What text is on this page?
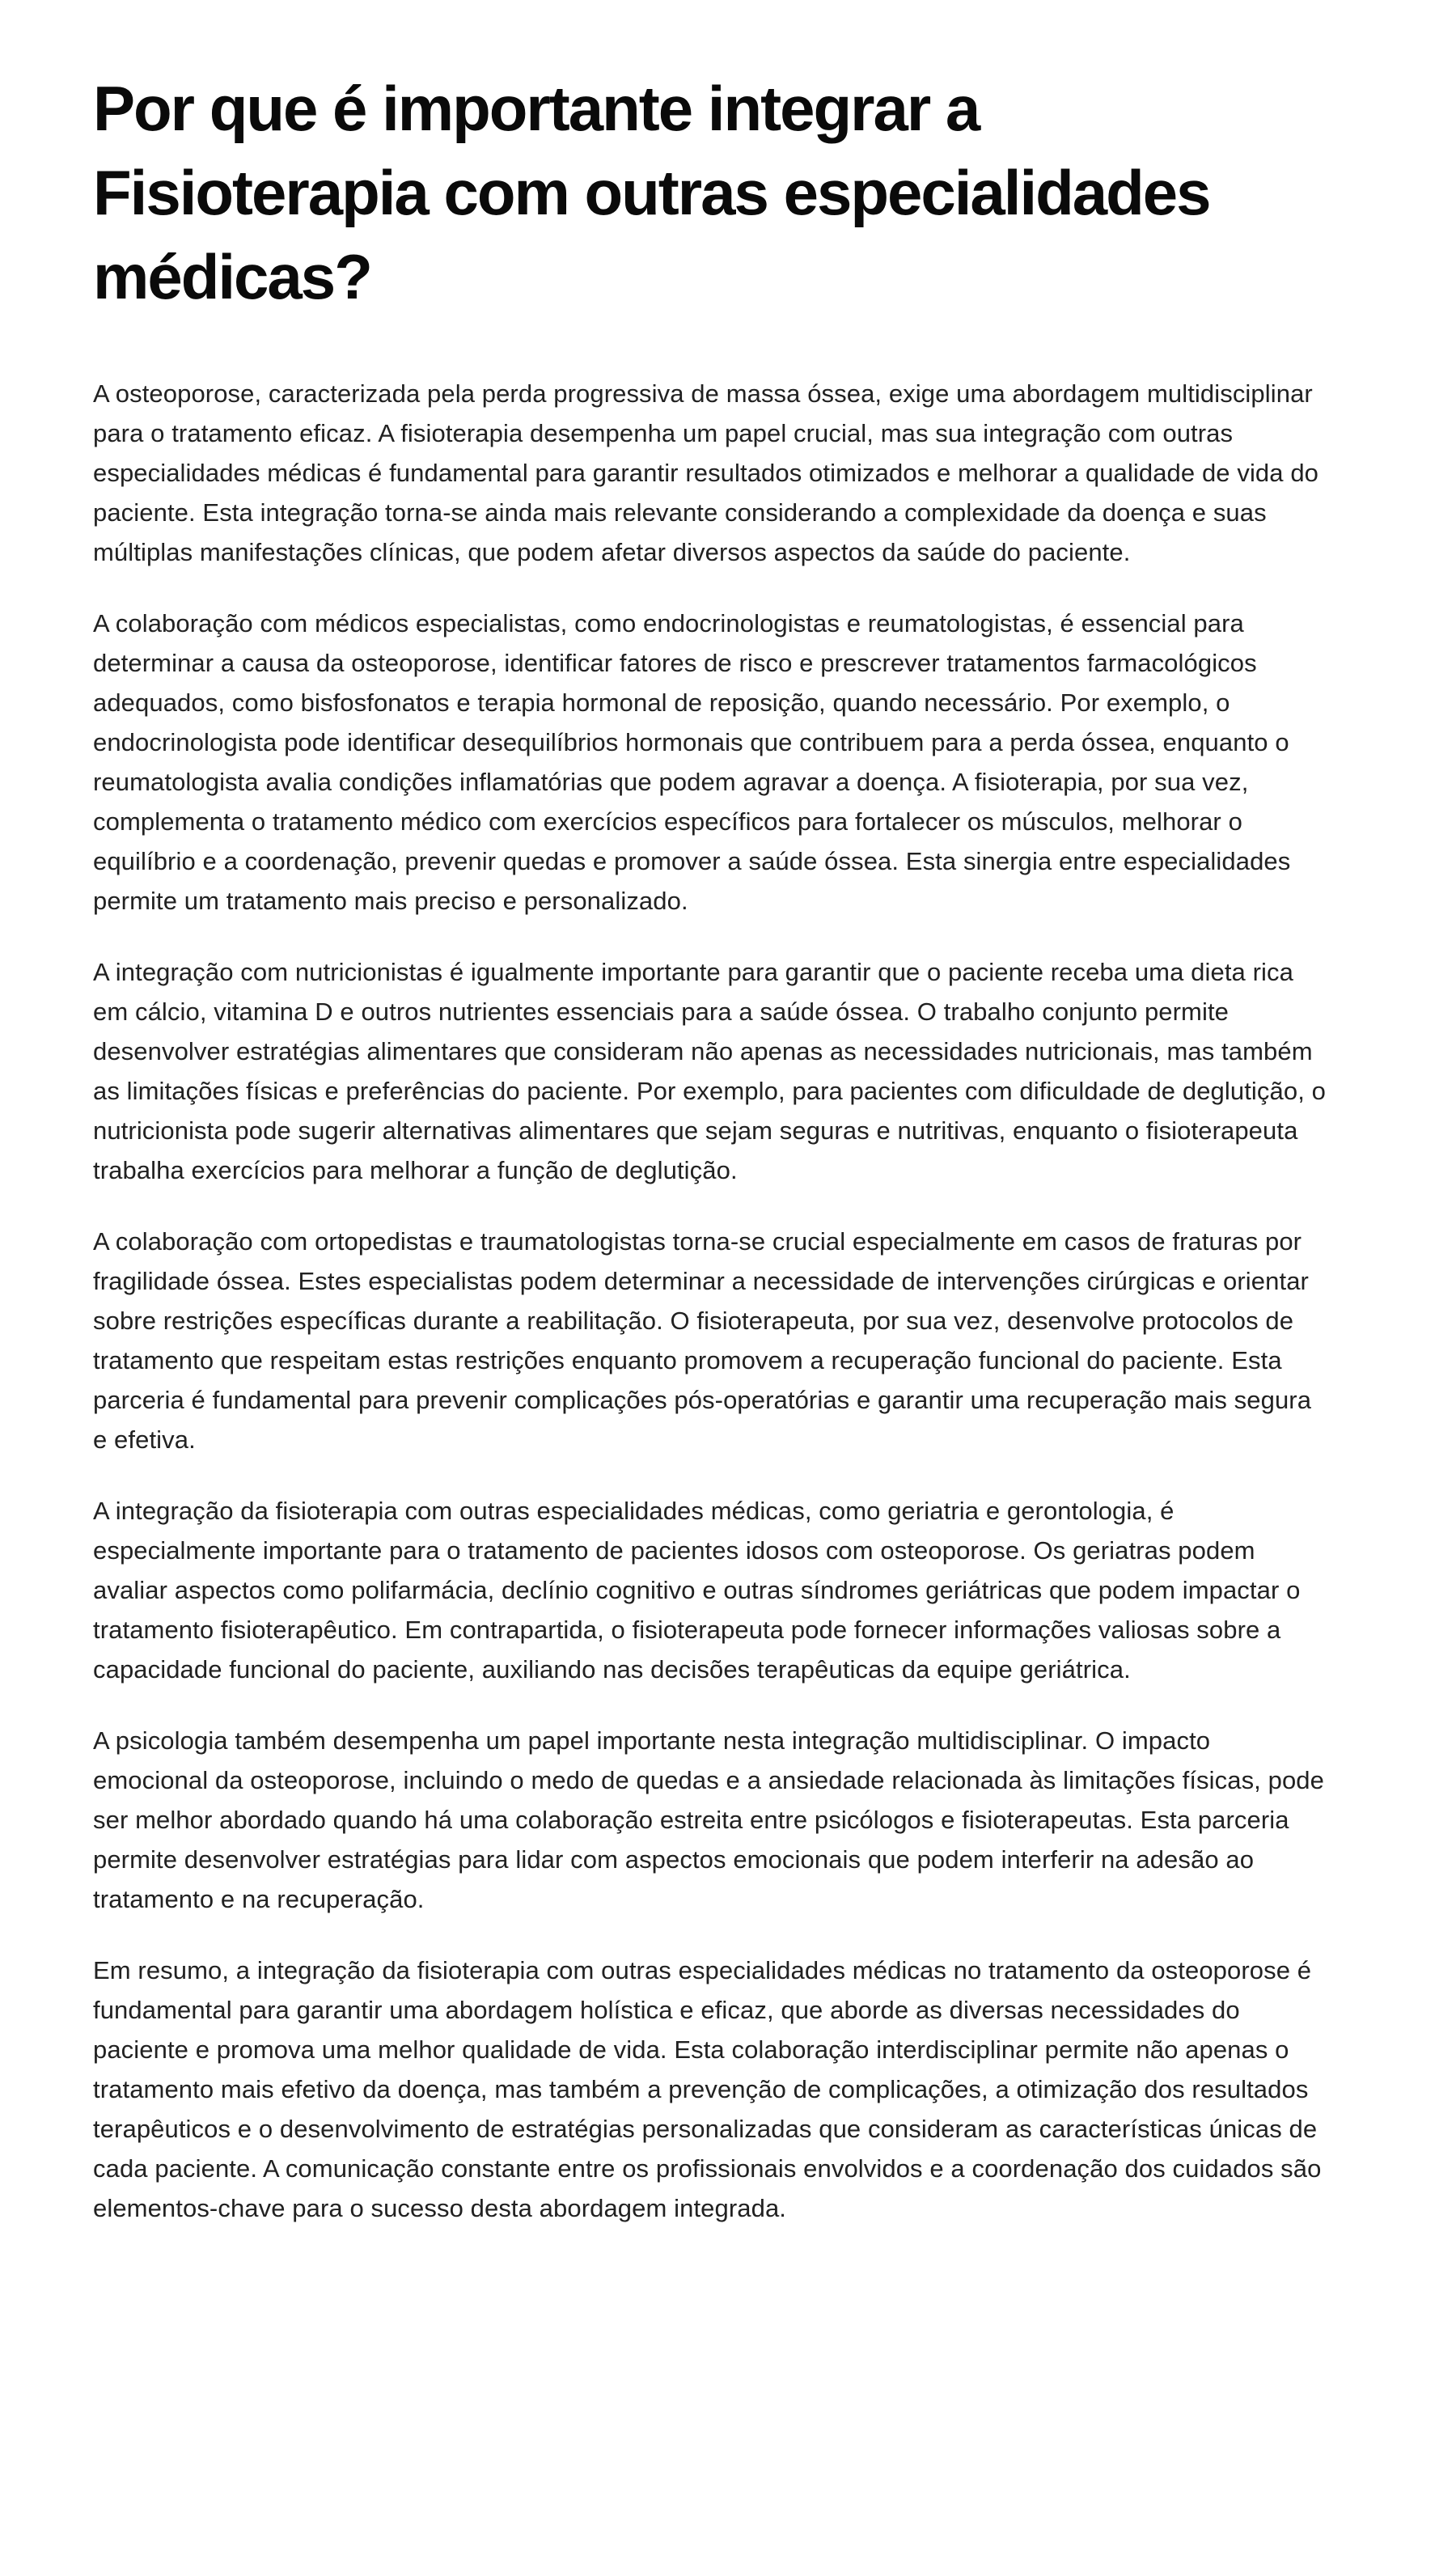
Por que é importante integrar a
Fisioterapia com outras especialidades
médicas?

A osteoporose, caracterizada pela perda progressiva de massa óssea, exige uma abordagem multidisciplinar para o tratamento eficaz. A fisioterapia desempenha um papel crucial, mas sua integração com outras especialidades médicas é fundamental para garantir resultados otimizados e melhorar a qualidade de vida do paciente. Esta integração torna-se ainda mais relevante considerando a complexidade da doença e suas múltiplas manifestações clínicas, que podem afetar diversos aspectos da saúde do paciente.

A colaboração com médicos especialistas, como endocrinologistas e reumatologistas, é essencial para determinar a causa da osteoporose, identificar fatores de risco e prescrever tratamentos farmacológicos adequados, como bisfosfonatos e terapia hormonal de reposição, quando necessário. Por exemplo, o endocrinologista pode identificar desequilíbrios hormonais que contribuem para a perda óssea, enquanto o reumatologista avalia condições inflamatórias que podem agravar a doença. A fisioterapia, por sua vez, complementa o tratamento médico com exercícios específicos para fortalecer os músculos, melhorar o equilíbrio e a coordenação, prevenir quedas e promover a saúde óssea. Esta sinergia entre especialidades permite um tratamento mais preciso e personalizado.

A integração com nutricionistas é igualmente importante para garantir que o paciente receba uma dieta rica em cálcio, vitamina D e outros nutrientes essenciais para a saúde óssea. O trabalho conjunto permite desenvolver estratégias alimentares que consideram não apenas as necessidades nutricionais, mas também as limitações físicas e preferências do paciente. Por exemplo, para pacientes com dificuldade de deglutição, o nutricionista pode sugerir alternativas alimentares que sejam seguras e nutritivas, enquanto o fisioterapeuta trabalha exercícios para melhorar a função de deglutição.

A colaboração com ortopedistas e traumatologistas torna-se crucial especialmente em casos de fraturas por fragilidade óssea. Estes especialistas podem determinar a necessidade de intervenções cirúrgicas e orientar sobre restrições específicas durante a reabilitação. O fisioterapeuta, por sua vez, desenvolve protocolos de tratamento que respeitam estas restrições enquanto promovem a recuperação funcional do paciente. Esta parceria é fundamental para prevenir complicações pós-operatórias e garantir uma recuperação mais segura e efetiva.

A integração da fisioterapia com outras especialidades médicas, como geriatria e gerontologia, é especialmente importante para o tratamento de pacientes idosos com osteoporose. Os geriatras podem avaliar aspectos como polifarmácia, declínio cognitivo e outras síndromes geriátricas que podem impactar o tratamento fisioterapêutico. Em contrapartida, o fisioterapeuta pode fornecer informações valiosas sobre a capacidade funcional do paciente, auxiliando nas decisões terapêuticas da equipe geriátrica.

A psicologia também desempenha um papel importante nesta integração multidisciplinar. O impacto emocional da osteoporose, incluindo o medo de quedas e a ansiedade relacionada às limitações físicas, pode ser melhor abordado quando há uma colaboração estreita entre psicólogos e fisioterapeutas. Esta parceria permite desenvolver estratégias para lidar com aspectos emocionais que podem interferir na adesão ao tratamento e na recuperação.

Em resumo, a integração da fisioterapia com outras especialidades médicas no tratamento da osteoporose é fundamental para garantir uma abordagem holística e eficaz, que aborde as diversas necessidades do paciente e promova uma melhor qualidade de vida. Esta colaboração interdisciplinar permite não apenas o tratamento mais efetivo da doença, mas também a prevenção de complicações, a otimização dos resultados terapêuticos e o desenvolvimento de estratégias personalizadas que consideram as características únicas de cada paciente. A comunicação constante entre os profissionais envolvidos e a coordenação dos cuidados são elementos-chave para o sucesso desta abordagem integrada.
